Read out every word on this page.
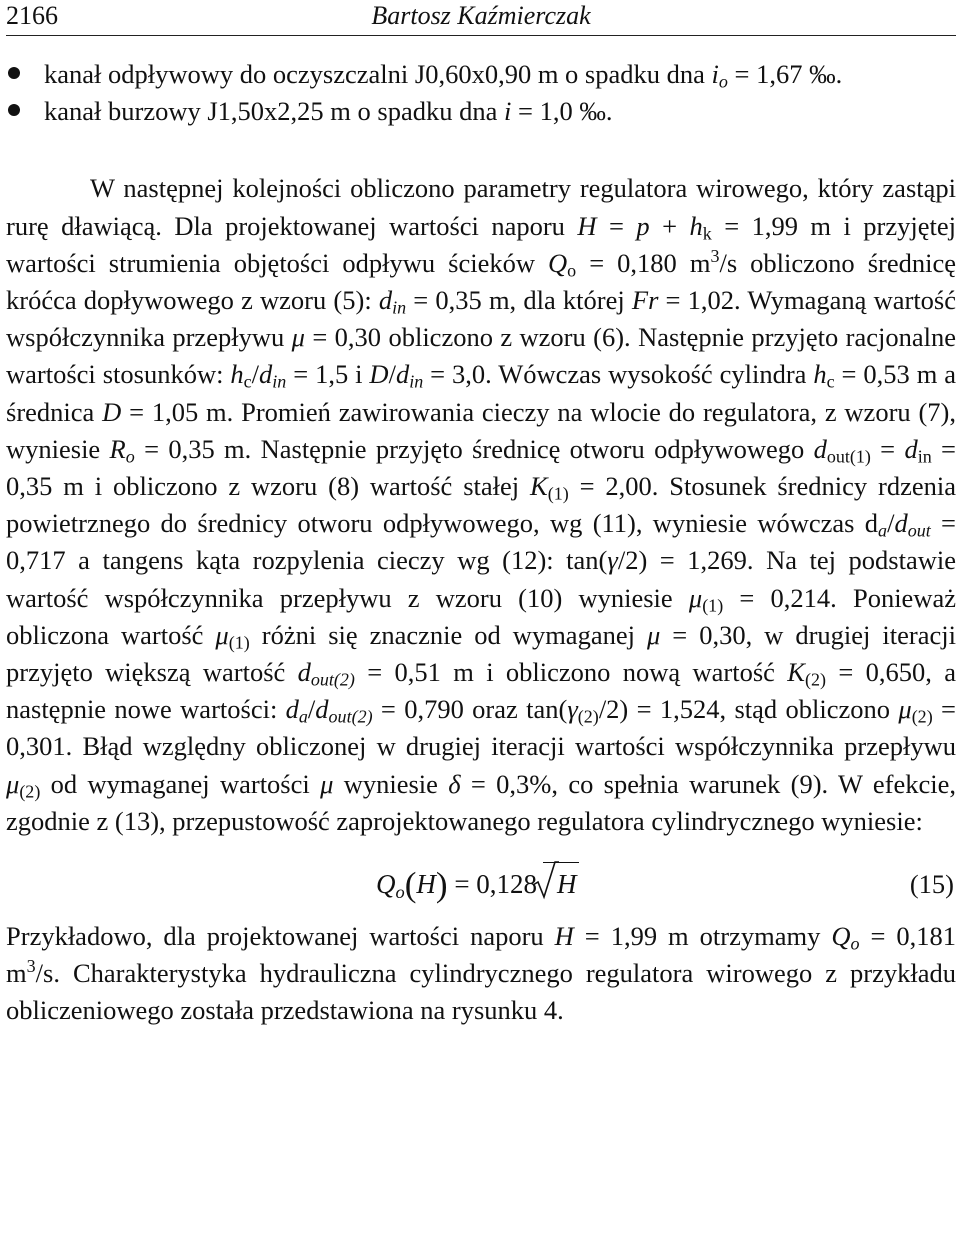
2166	Bartosz Kaźmierczak
kanał odpływowy do oczyszczalni J0,60x0,90 m o spadku dna $i_o = 1,67$ ‰.
kanał burzowy J1,50x2,25 m o spadku dna i = 1,0 ‰.

W następnej kolejności obliczono parametry regulatora wirowego, który zastąpi rurę dławiącą. Dla projektowanej wartości naporu $H = p + h_k = 1,99$ m i przyjętej wartości strumienia objętości odpływu ścieków $Q_o = 0,180$ $m^3/s$ obliczono średnicę króćca dopływowego z wzoru (5): $d_{in} = 0,35$ m, dla której Fr = 1,02. Wymaganą wartość współczynnika przepływu μ = 0,30 obliczono z wzoru (6). Następnie przyjęto racjonalne wartości stosunków: $h_c/d_{in} = 1,5$ i $D/d_{in} = 3,0$. Wówczas wysokość cylindra $h_c = 0,53$ m a średnica D = 1,05 m. Promień zawirowania cieczy na wlocie do regulatora, z wzoru (7), wyniesie $R_o = 0,35$ m. Następnie przyjęto średnicę otworu odpływowego $d_{out(1)} = d_{in} = 0,35$ m i obliczono z wzoru (8) wartość stałej $K_{(1)} = 2,00$. Stosunek średnicy rdzenia powietrznego do średnicy otworu odpływowego, wg (11), wyniesie wówczas $d_a/d_{out} = 0,717$ a tangens kąta rozpylenia cieczy wg (12): tan(γ/2) = 1,269. Na tej podstawie wartość współczynnika przepływu z wzoru (10) wyniesie $\mu_{(1)} = 0,214$. Ponieważ obliczona wartość $\mu_{(1)}$ różni się znacznie od wymaganej μ = 0,30, w drugiej iteracji przyjęto większą wartość $d_{out(2)} = 0,51$ m i obliczono nową wartość $K_{(2)} = 0,650$, a następnie nowe wartości: $d_a/d_{out(2)} = 0,790$ oraz $\tan(\gamma_{(2)}/2) = 1,524$, stąd obliczono $\mu_{(2)} = 0,301$. Błąd względny obliczonej w drugiej iteracji wartości współczynnika przepływu $\mu_{(2)}$ od wymaganej wartości μ wyniesie δ = 0,3%, co spełnia warunek (9). W efekcie, zgodnie z (13), przepustowość zaprojektowanego regulatora cylindrycznego wyniesie:

$Q_o(H) = 0,128$ H	(15)

Przykładowo, dla projektowanej wartości naporu H = 1,99 m otrzymamy $Q_o = 0,181$ $m^3/s$. Charakterystyka hydrauliczna cylindrycznego regulatora wirowego z przykładu obliczeniowego została przedstawiona na rysunku 4.
